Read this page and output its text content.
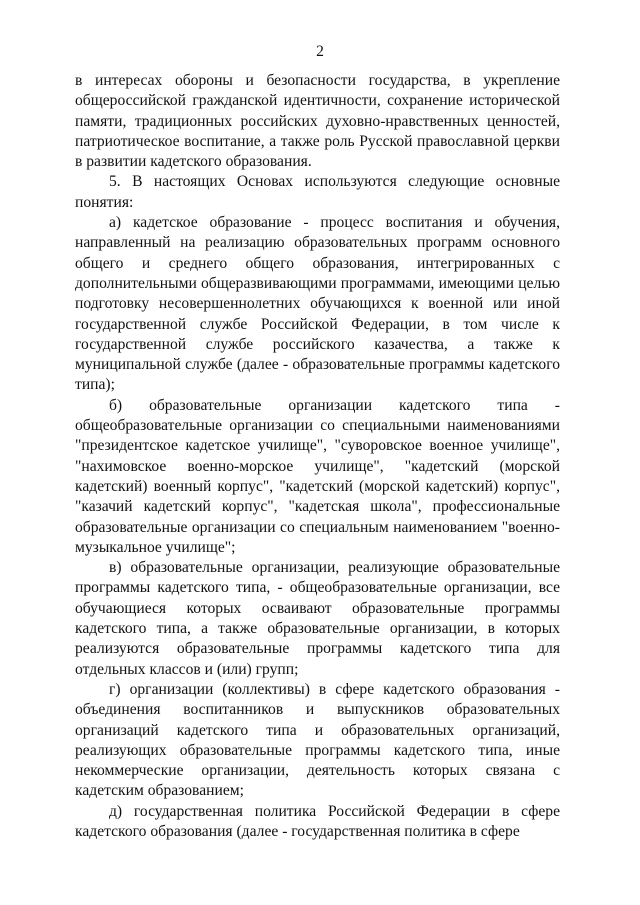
2

в интересах обороны и безопасности государства, в укрепление общероссийской гражданской идентичности, сохранение исторической памяти, традиционных российских духовно-нравственных ценностей, патриотическое воспитание, а также роль Русской православной церкви в развитии кадетского образования.

5. В настоящих Основах используются следующие основные понятия:

а) кадетское образование - процесс воспитания и обучения, направленный на реализацию образовательных программ основного общего и среднего общего образования, интегрированных с дополнительными общеразвивающими программами, имеющими целью подготовку несовершеннолетних обучающихся к военной или иной государственной службе Российской Федерации, в том числе к государственной службе российского казачества, а также к муниципальной службе (далее - образовательные программы кадетского типа);

б) образовательные организации кадетского типа - общеобразовательные организации со специальными наименованиями "президентское кадетское училище", "суворовское военное училище", "нахимовское военно-морское училище", "кадетский (морской кадетский) военный корпус", "кадетский (морской кадетский) корпус", "казачий кадетский корпус", "кадетская школа", профессиональные образовательные организации со специальным наименованием "военно-музыкальное училище";

в) образовательные организации, реализующие образовательные программы кадетского типа, - общеобразовательные организации, все обучающиеся которых осваивают образовательные программы кадетского типа, а также образовательные организации, в которых реализуются образовательные программы кадетского типа для отдельных классов и (или) групп;

г) организации (коллективы) в сфере кадетского образования - объединения воспитанников и выпускников образовательных организаций кадетского типа и образовательных организаций, реализующих образовательные программы кадетского типа, иные некоммерческие организации, деятельность которых связана с кадетским образованием;

д) государственная политика Российской Федерации в сфере кадетского образования (далее - государственная политика в сфере
